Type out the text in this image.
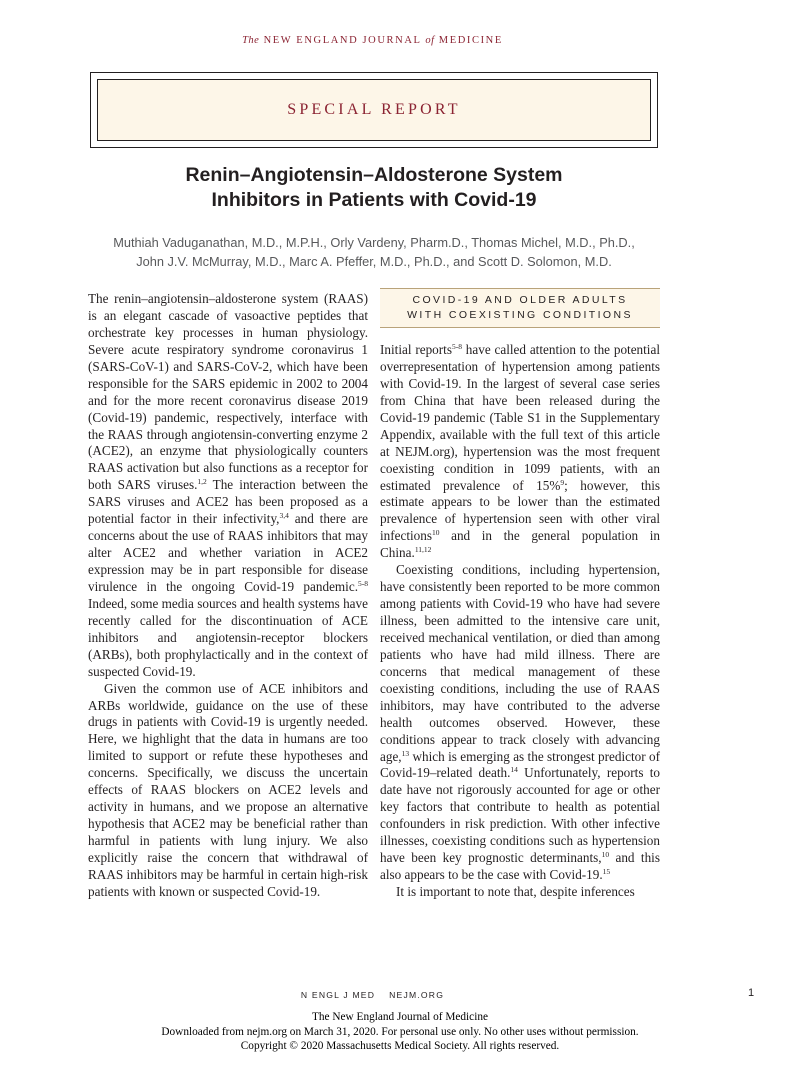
The NEW ENGLAND JOURNAL of MEDICINE
SPECIAL REPORT
Renin–Angiotensin–Aldosterone System
Inhibitors in Patients with Covid-19
Muthiah Vaduganathan, M.D., M.P.H., Orly Vardeny, Pharm.D., Thomas Michel, M.D., Ph.D.,
John J.V. McMurray, M.D., Marc A. Pfeffer, M.D., Ph.D., and Scott D. Solomon, M.D.

The renin–angiotensin–aldosterone system (RAAS) is an elegant cascade of vasoactive peptides that orchestrate key processes in human physiology. Severe acute respiratory syndrome coronavirus 1 (SARS-CoV-1) and SARS-CoV-2, which have been responsible for the SARS epidemic in 2002 to 2004 and for the more recent coronavirus disease 2019 (Covid-19) pandemic, respectively, interface with the RAAS through angiotensin-converting enzyme 2 (ACE2), an enzyme that physiologically counters RAAS activation but also functions as a receptor for both SARS viruses.$^{1,2}$ The interaction between the SARS viruses and ACE2 has been proposed as a potential factor in their infectivity,$^{3,4}$ and there are concerns about the use of RAAS inhibitors that may alter ACE2 and whether variation in ACE2 expression may be in part responsible for disease virulence in the ongoing Covid-19 pandemic.$^{5-8}$ Indeed, some media sources and health systems have recently called for the discontinuation of ACE inhibitors and angiotensin-receptor blockers (ARBs), both prophylactically and in the context of suspected Covid-19.

Given the common use of ACE inhibitors and ARBs worldwide, guidance on the use of these drugs in patients with Covid-19 is urgently needed. Here, we highlight that the data in humans are too limited to support or refute these hypotheses and concerns. Specifically, we discuss the uncertain effects of RAAS blockers on ACE2 levels and activity in humans, and we propose an alternative hypothesis that ACE2 may be beneficial rather than harmful in patients with lung injury. We also explicitly raise the concern that withdrawal of RAAS inhibitors may be harmful in certain high-risk patients with known or suspected Covid-19.

COVID-19 AND OLDER ADULTS
WITH COEXISTING CONDITIONS

Initial reports$^{5-8}$ have called attention to the potential overrepresentation of hypertension among patients with Covid-19. In the largest of several case series from China that have been released during the Covid-19 pandemic (Table S1 in the Supplementary Appendix, available with the full text of this article at NEJM.org), hypertension was the most frequent coexisting condition in 1099 patients, with an estimated prevalence of 15%$^9$; however, this estimate appears to be lower than the estimated prevalence of hypertension seen with other viral infections$^{10}$ and in the general population in China.$^{11,12}$

Coexisting conditions, including hypertension, have consistently been reported to be more common among patients with Covid-19 who have had severe illness, been admitted to the intensive care unit, received mechanical ventilation, or died than among patients who have had mild illness. There are concerns that medical management of these coexisting conditions, including the use of RAAS inhibitors, may have contributed to the adverse health outcomes observed. However, these conditions appear to track closely with advancing age,$^{13}$ which is emerging as the strongest predictor of Covid-19–related death.$^{14}$ Unfortunately, reports to date have not rigorously accounted for age or other key factors that contribute to health as potential confounders in risk prediction. With other infective illnesses, coexisting conditions such as hypertension have been key prognostic determinants,$^{10}$ and this also appears to be the case with Covid-19.15

It is important to note that, despite inferences

N ENGL J MED NEJM.ORG	1
The New England Journal of Medicine
Downloaded from nejm.org on March 31, 2020. For personal use only. No other uses without permission.
Copyright © 2020 Massachusetts Medical Society. All rights reserved.
